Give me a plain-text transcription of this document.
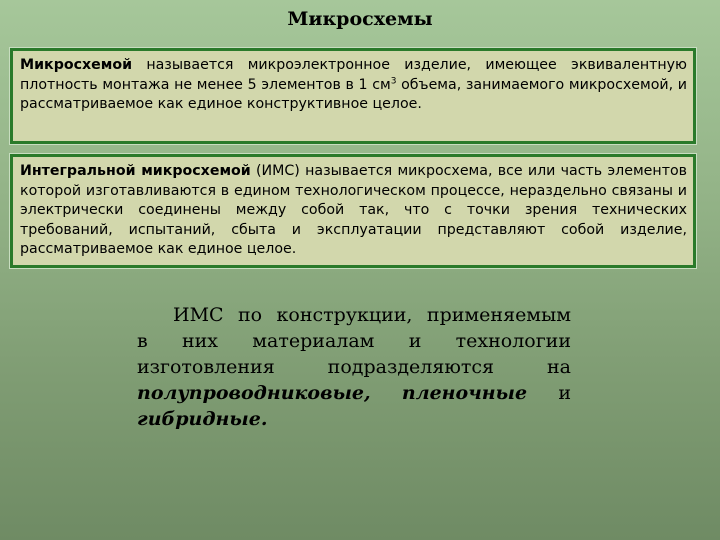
Микросхемы
Микросхемой называется микроэлектронное изделие, имеющее эквивалентную плотность монтажа не менее 5 элементов в 1 $см^3$ объема, занимаемого микросхемой, и рассматриваемое как единое конструктивное целое.
Интегральной микросхемой (ИМС) называется микросхема, все или часть элементов которой изготавливаются в едином технологическом процессе, нераздельно связаны и электрически соединены между собой так, что с точки зрения технических требований, испытаний, сбыта и эксплуатации представляют собой изделие, рассматриваемое как единое целое.

ИМС по конструкции, применяемым

в них материалам и технологии

изготовления подразделяются на

полупроводниковые, пленочные и

гибридные.
